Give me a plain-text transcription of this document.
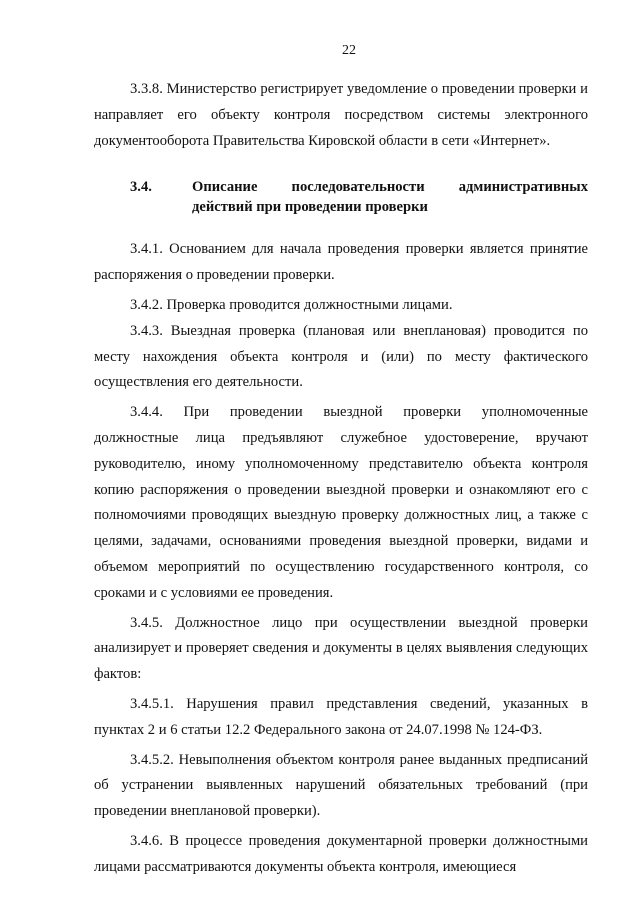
22

3.3.8. Министерство регистрирует уведомление о проведении проверки и направляет его объекту контроля посредством системы электронного документооборота Правительства Кировской области в сети «Интернет».

3.4.	Описание последовательности административных действий при проведении проверки

3.4.1. Основанием для начала проведения проверки является принятие распоряжения о проведении проверки.

3.4.2. Проверка проводится должностными лицами.

3.4.3. Выездная проверка (плановая или внеплановая) проводится по месту нахождения объекта контроля и (или) по месту фактического осуществления его деятельности.

3.4.4. При проведении выездной проверки уполномоченные должностные лица предъявляют служебное удостоверение, вручают руководителю, иному уполномоченному представителю объекта контроля копию распоряжения о проведении выездной проверки и ознакомляют его с полномочиями проводящих выездную проверку должностных лиц, а также с целями, задачами, основаниями проведения выездной проверки, видами и объемом мероприятий по осуществлению государственного контроля, со сроками и с условиями ее проведения.

3.4.5. Должностное лицо при осуществлении выездной проверки анализирует и проверяет сведения и документы в целях выявления следующих фактов:

3.4.5.1. Нарушения правил представления сведений, указанных в пунктах 2 и 6 статьи 12.2 Федерального закона от 24.07.1998 № 124-ФЗ.

3.4.5.2. Невыполнения объектом контроля ранее выданных предписаний об устранении выявленных нарушений обязательных требований (при проведении внеплановой проверки).

3.4.6. В процессе проведения документарной проверки должностными лицами рассматриваются документы объекта контроля, имеющиеся
